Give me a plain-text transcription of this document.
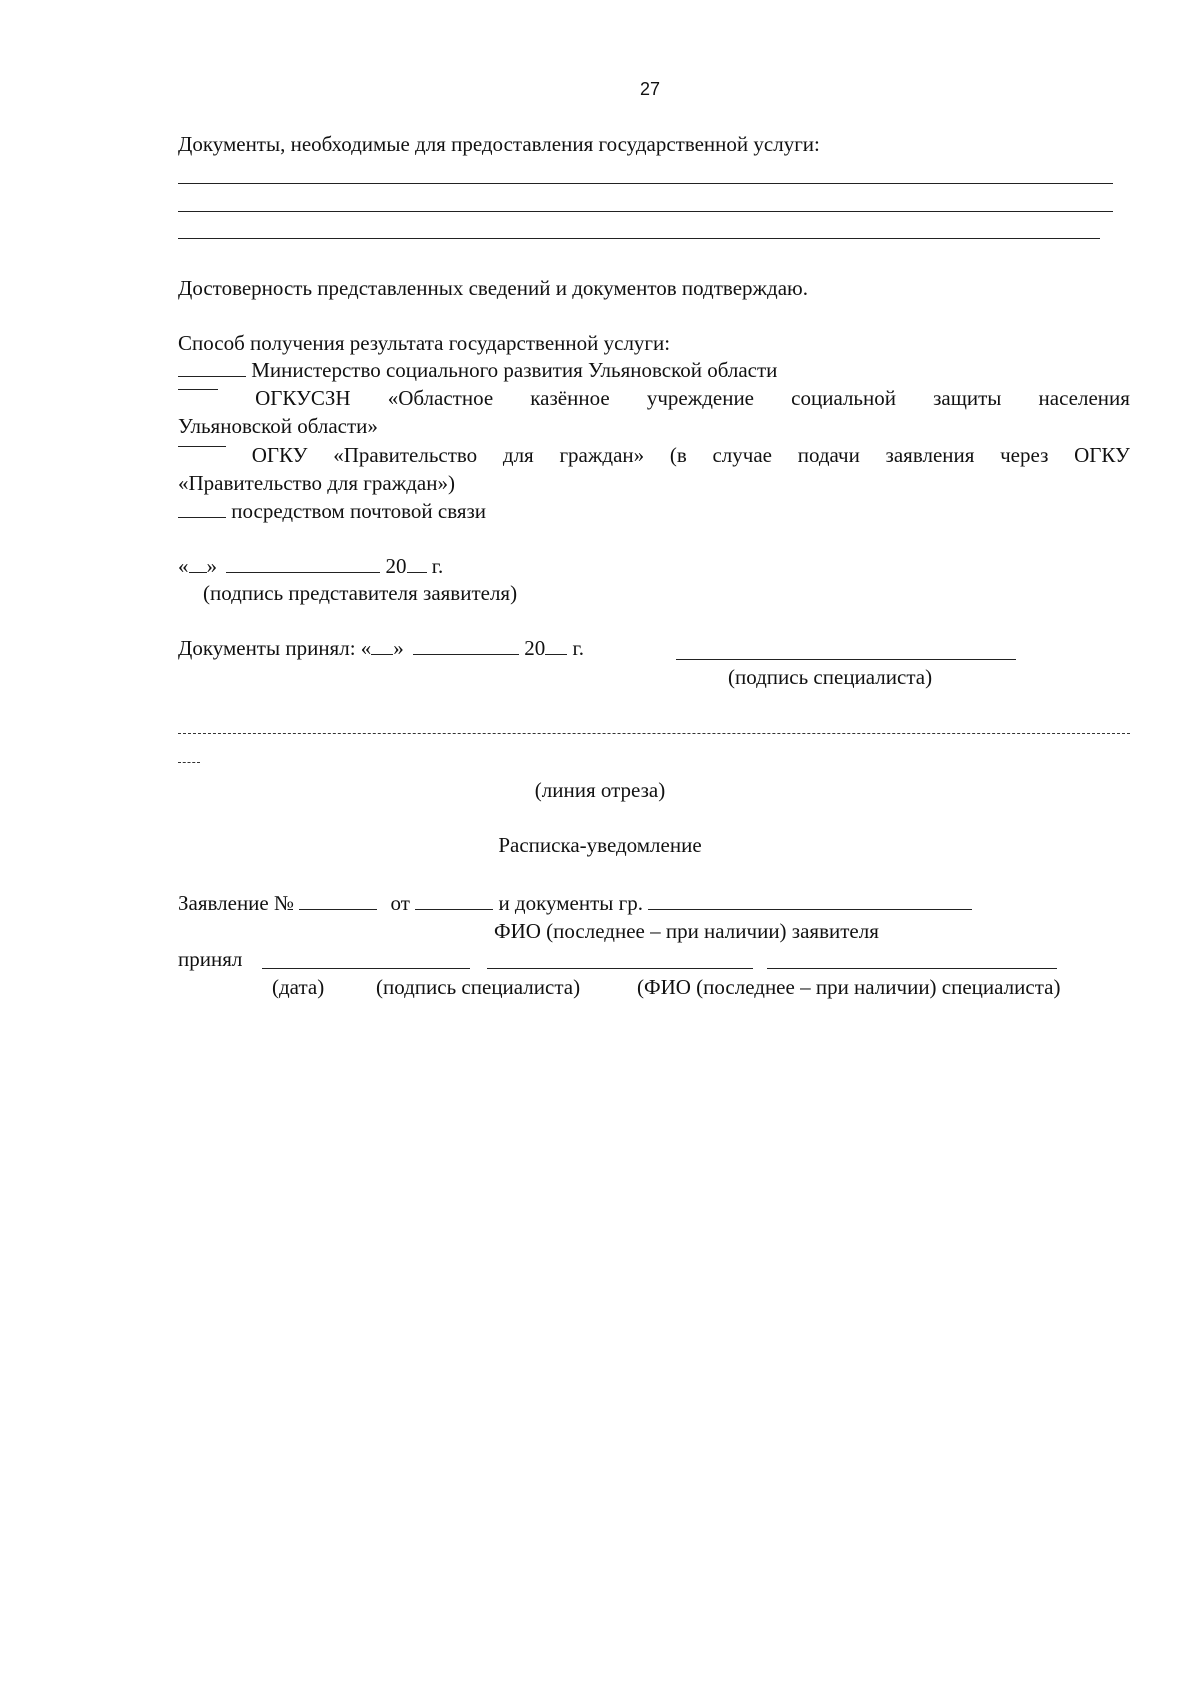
27
Документы, необходимые для предоставления государственной услуги:
Достоверность представленных сведений и документов подтверждаю.
Способ получения результата государственной услуги:
Министерство социального развития Ульяновской области
ОГКУСЗН «Областное казённое учреждение социальной защиты населения
Ульяновской области»
ОГКУ «Правительство для граждан» (в случае подачи заявления через ОГКУ
«Правительство для граждан»)
посредством почтовой связи
« »	20 г.
(подпись представителя заявителя)
Документы принял: « »	20 г.
(подпись специалиста)
(линия отреза)
Расписка-уведомление
Заявление №	от	и документы гр.
ФИО (последнее – при наличии) заявителя
принял
(дата) (подпись специалиста)	(ФИО (последнее – при наличии) специалиста)
